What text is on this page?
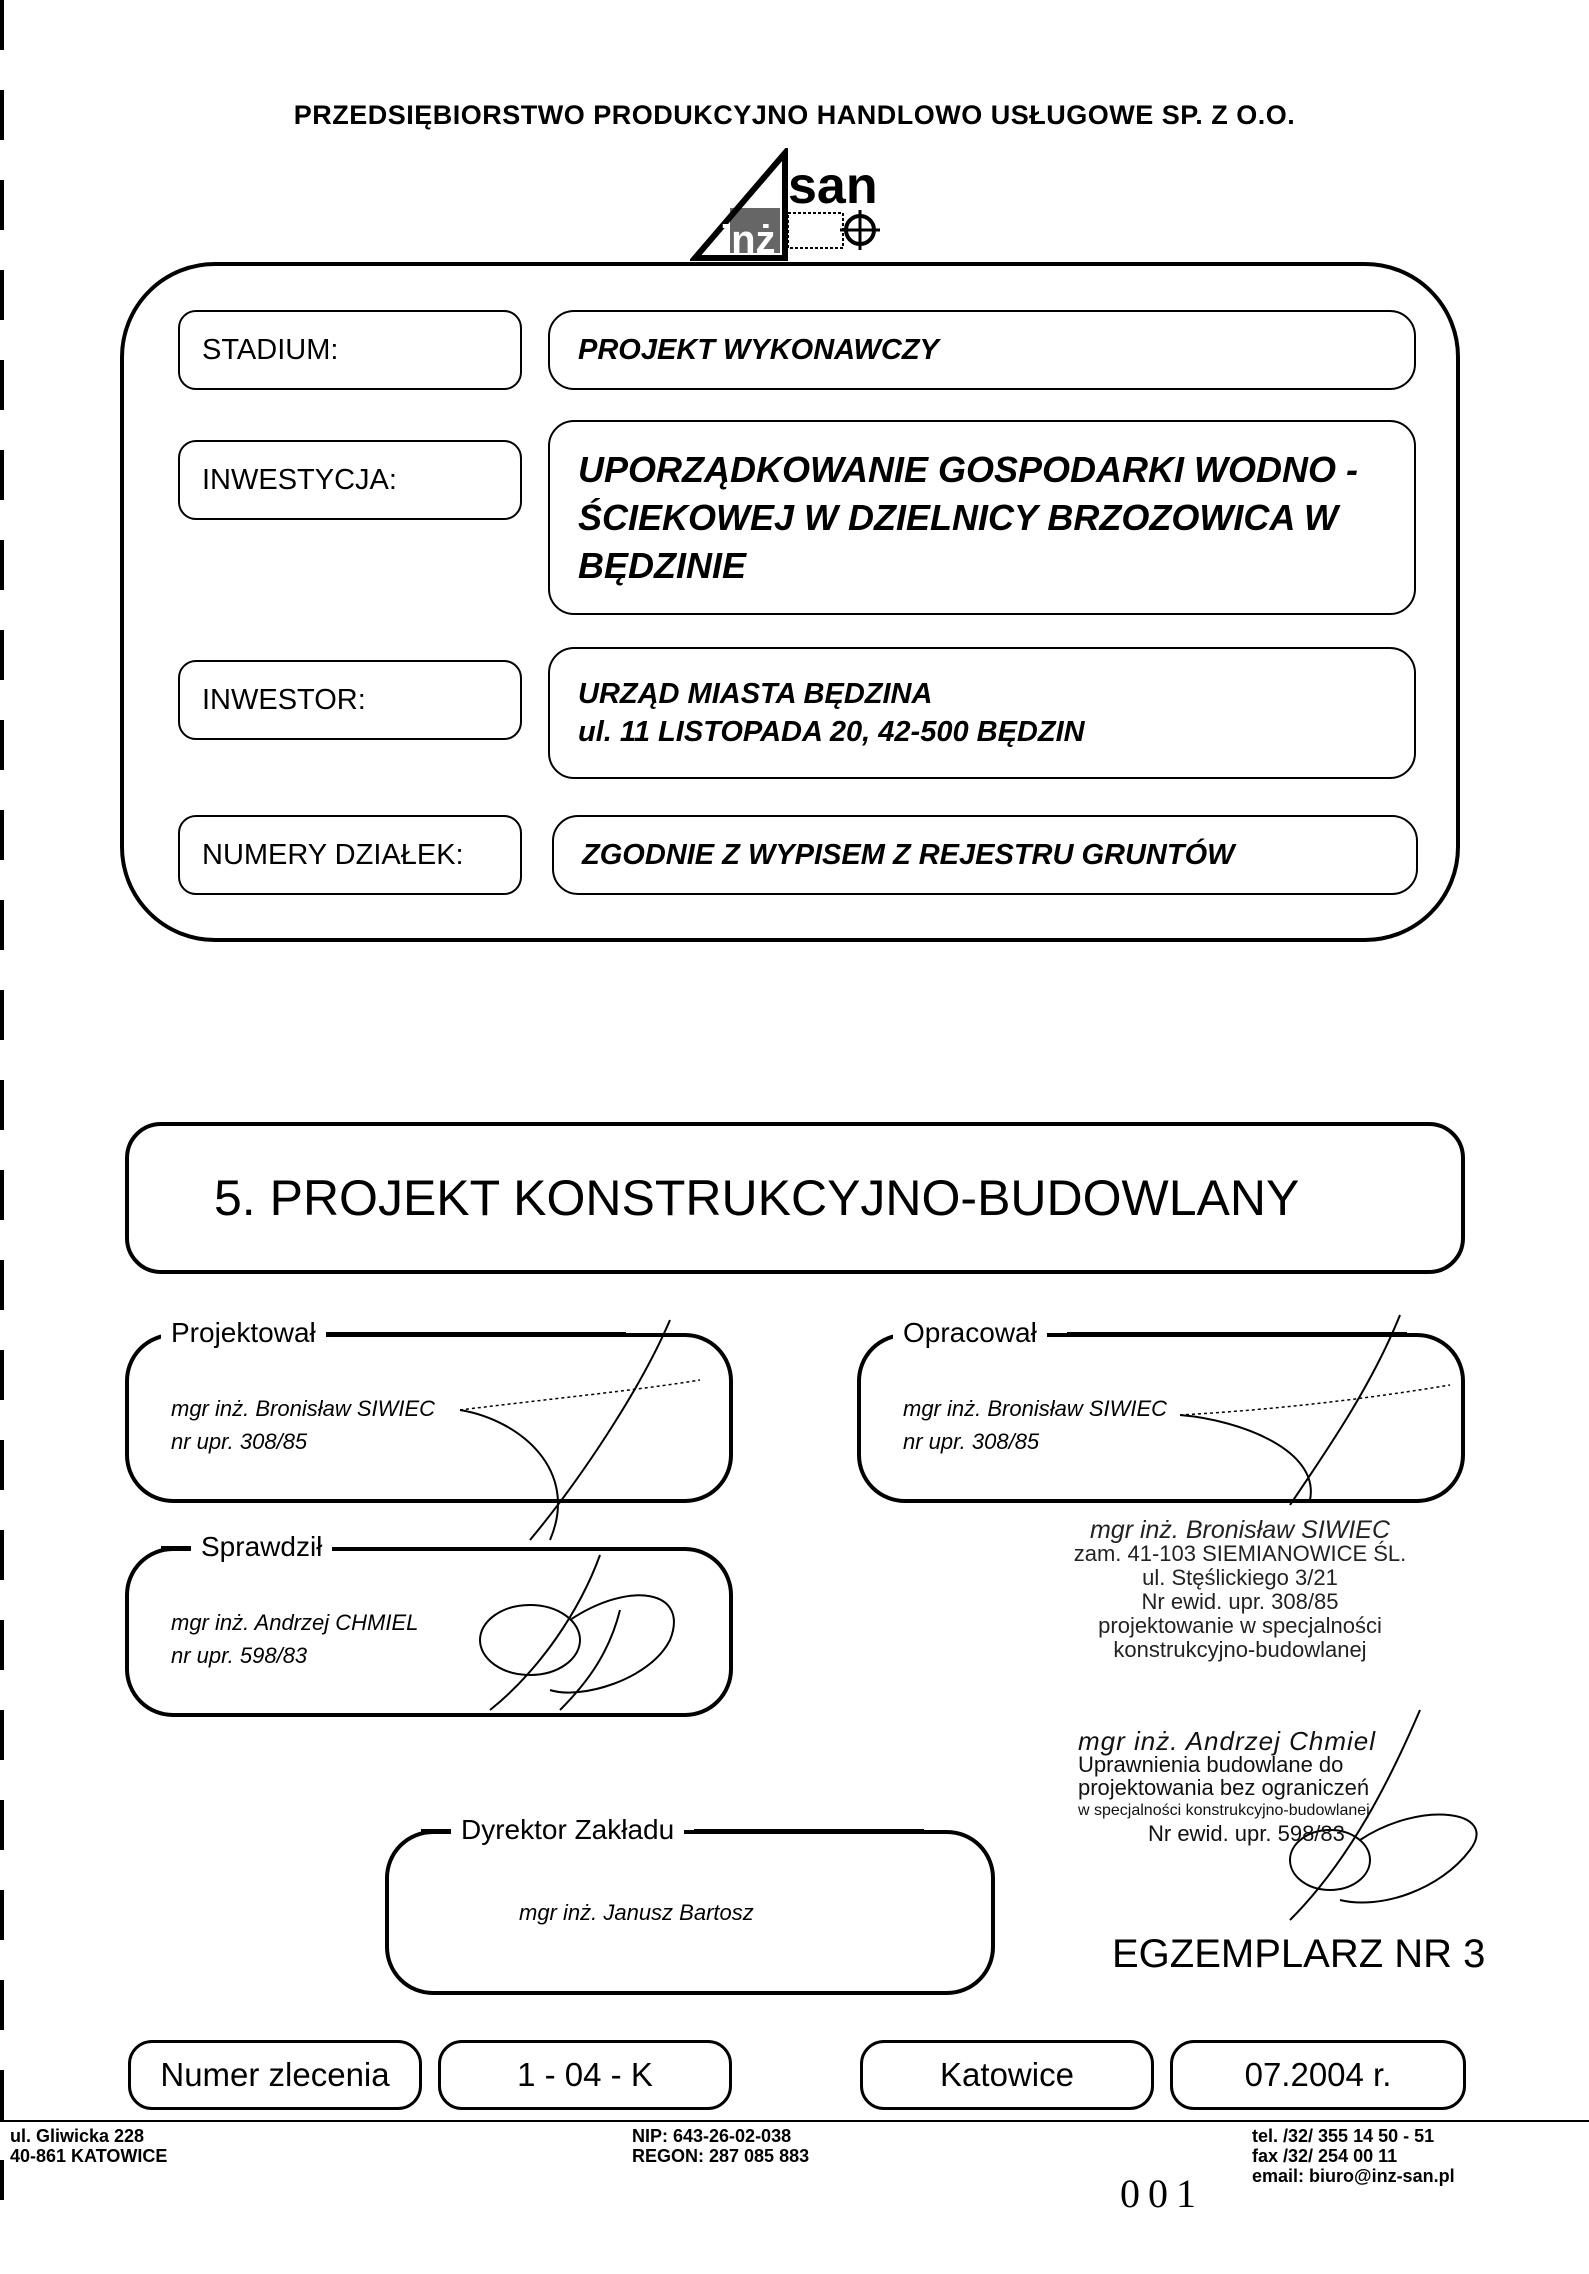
PRZEDSIĘBIORSTWO PRODUKCYJNO HANDLOWO USŁUGOWE SP. Z O.O.
san
inż
STADIUM:	PROJEKT WYKONAWCZY
INWESTYCJA:	UPORZĄDKOWANIE GOSPODARKI WODNO -
ŚCIEKOWEJ W DZIELNICY BRZOZOWICA W
BĘDZINIE
INWESTOR:	URZĄD MIASTA BĘDZINA
ul. 11 LISTOPADA 20, 42-500 BĘDZIN
NUMERY DZIAŁEK:	ZGODNIE Z WYPISEM Z REJESTRU GRUNTÓW
5. PROJEKT KONSTRUKCYJNO-BUDOWLANY
Projektował
mgr inż. Bronisław SIWIEC
nr upr. 308/85
Opracował
mgr inż. Bronisław SIWIEC
nr upr. 308/85
Sprawdził
mgr inż. Andrzej CHMIEL
nr upr. 598/83
Dyrektor Zakładu
mgr inż. Janusz Bartosz
mgr inż. Bronisław SIWIEC
zam. 41-103 SIEMIANOWICE ŚL.
ul. Stęślickiego 3/21
Nr ewid. upr. 308/85
projektowanie w specjalności
konstrukcyjno-budowlanej
mgr inż. Andrzej Chmiel
Uprawnienia budowlane do
projektowania bez ograniczeń
w specjalności konstrukcyjno-budowlanej
Nr ewid. upr. 598/83
EGZEMPLARZ NR 3
Numer zlecenia	1 - 04 - K	Katowice	07.2004 r.
ul. Gliwicka 228
40-861 KATOWICE
NIP: 643-26-02-038
REGON: 287 085 883
tel. /32/ 355 14 50 - 51
fax /32/ 254 00 11
email: biuro@inz-san.pl
001
